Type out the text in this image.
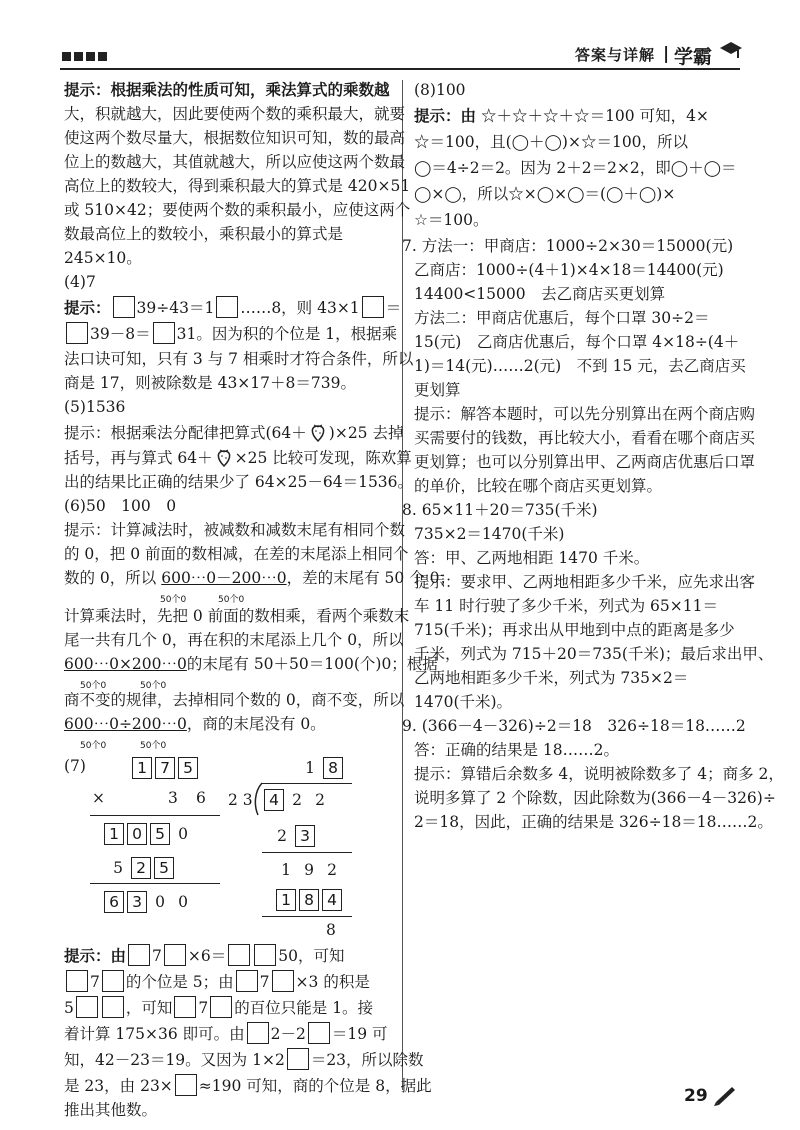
答案与详解 | 学霸
提示：根据乘法的性质可知，乘法算式的乘数越
大，积就越大，因此要使两个数的乘积最大，就要
使这两个数尽量大，根据数位知识可知，数的最高
位上的数越大，其值就越大，所以应使这两个数最
高位上的数较大，得到乘积最大的算式是 420×51
或 510×42；要使两个数的乘积最小，应使这两个
数最高位上的数较小，乘积最小的算式是
245×10。
(4)7
提示： 39÷43＝1 ……8，则 43×1 ＝
39－8＝ 31。因为积的个位是 1，根据乘
法口诀可知，只有 3 与 7 相乘时才符合条件，所以
商是 17，则被除数是 43×17＋8＝739。
(5)1536
提示：根据乘法分配律把算式(64＋ )×25 去掉
括号，再与算式 64＋ ×25 比较可发现，陈欢算
出的结果比正确的结果少了 64×25－64＝1536。
(6)50　100　0
提示：计算减法时，被减数和减数末尾有相同个数
的 0，把 0 前面的数相减，在差的末尾添上相同个
数的 0，所以 600⋯0－200⋯0，差的末尾有 50 个 0；
50个0	50个0
计算乘法时，先把 0 前面的数相乘，看两个乘数末
尾一共有几个 0，再在积的末尾添上几个 0，所以
600⋯0×200⋯0的末尾有 50＋50＝100(个)0；根据
50个0	50个0
商不变的规律，去掉相同个数的 0，商不变，所以
600⋯0÷200⋯0，商的末尾没有 0。
50个0	50个0
(7)	1 7 5
×	3 6
1 0 5 0
5 2 5
6 3 0 0
1 8
2 3	4 2 2
2 3
1 9 2
1 8 4
8
提示：由 7 ×6＝	50，可知
7 的个位是 5；由 7 ×3 的积是
5	，可知 7 的百位只能是 1。接
着计算 175×36 即可。由 2－2 ＝19 可
知，42－23＝19。又因为 1×2 ＝23，所以除数
是 23，由 23× ≈190 可知，商的个位是 8，据此
推出其他数。
(8)100
提示：由 ☆＋☆＋☆＋☆＝100 可知，4×
☆＝100，且(◯＋◯)×☆＝100，所以
◯＝4÷2＝2。因为 2＋2＝2×2，即◯＋◯＝
◯×◯，所以☆×◯×◯＝(◯＋◯)×
☆＝100。
7. 方法一：甲商店：1000÷2×30＝15000(元)
乙商店：1000÷(4＋1)×4×18＝14400(元)
14400<15000　去乙商店买更划算
方法二：甲商店优惠后，每个口罩 30÷2＝
15(元)　乙商店优惠后，每个口罩 4×18÷(4＋
1)＝14(元)……2(元)　不到 15 元，去乙商店买
更划算
提示：解答本题时，可以先分别算出在两个商店购
买需要付的钱数，再比较大小，看看在哪个商店买
更划算；也可以分别算出甲、乙两商店优惠后口罩
的单价，比较在哪个商店买更划算。
8. 65×11＋20＝735(千米)
735×2＝1470(千米)
答：甲、乙两地相距 1470 千米。
提示：要求甲、乙两地相距多少千米，应先求出客
车 11 时行驶了多少千米，列式为 65×11＝
715(千米)；再求出从甲地到中点的距离是多少
千米，列式为 715＋20＝735(千米)；最后求出甲、
乙两地相距多少千米，列式为 735×2＝
1470(千米)。
9. (366－4－326)÷2＝18　326÷18＝18……2
答：正确的结果是 18……2。
提示：算错后余数多 4，说明被除数多了 4；商多 2，
说明多算了 2 个除数，因此除数为(366－4－326)÷
2＝18，因此，正确的结果是 326÷18＝18……2。
29
